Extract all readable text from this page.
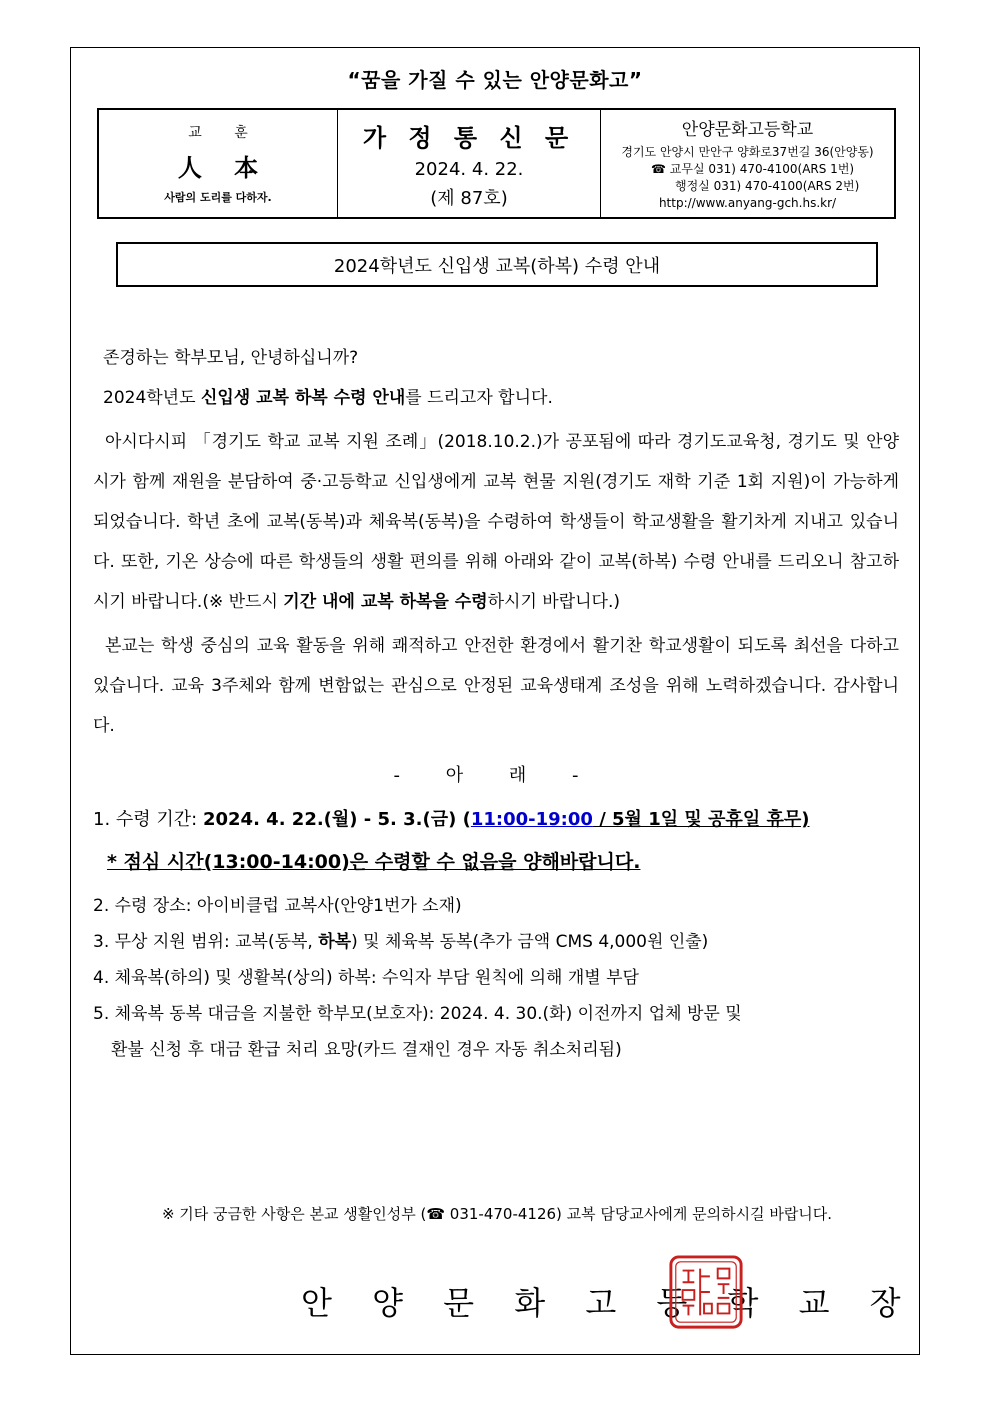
“꿈을 가질 수 있는 안양문화고”
교 훈
人 本
사람의 도리를 다하자.
가 정 통 신 문
2024. 4. 22.
(제 87호)
안양문화고등학교
경기도 안양시 만안구 양화로37번길 36(안양동)
☎ 교무실 031) 470-4100(ARS 1번)
행정실 031) 470-4100(ARS 2번)
http://www.anyang-gch.hs.kr/
2024학년도 신입생 교복(하복) 수령 안내

존경하는 학부모님, 안녕하십니까?

2024학년도 신입생 교복 하복 수령 안내를 드리고자 합니다.

아시다시피 「경기도 학교 교복 지원 조례」(2018.10.2.)가 공포됨에 따라 경기도교육청, 경기도 및 안양시가 함께 재원을 분담하여 중·고등학교 신입생에게 교복 현물 지원(경기도 재학 기준 1회 지원)이 가능하게 되었습니다. 학년 초에 교복(동복)과 체육복(동복)을 수령하여 학생들이 학교생활을 활기차게 지내고 있습니다. 또한, 기온 상승에 따른 학생들의 생활 편의를 위해 아래와 같이 교복(하복) 수령 안내를 드리오니 참고하시기 바랍니다.(※ 반드시 기간 내에 교복 하복을 수령하시기 바랍니다.)

본교는 학생 중심의 교육 활동을 위해 쾌적하고 안전한 환경에서 활기찬 학교생활이 되도록 최선을 다하고 있습니다. 교육 3주체와 함께 변함없는 관심으로 안정된 교육생태계 조성을 위해 노력하겠습니다. 감사합니다.

- 아 래 -

1. 수령 기간: 2024. 4. 22.(월) - 5. 3.(금) (11:00-19:00 / 5월 1일 및 공휴일 휴무)

* 점심 시간(13:00-14:00)은 수령할 수 없음을 양해바랍니다.

2. 수령 장소: 아이비클럽 교복사(안양1번가 소재)

3. 무상 지원 범위: 교복(동복, 하복) 및 체육복 동복(추가 금액 CMS 4,000원 인출)

4. 체육복(하의) 및 생활복(상의) 하복: 수익자 부담 원칙에 의해 개별 부담

5. 체육복 동복 대금을 지불한 학부모(보호자): 2024. 4. 30.(화) 이전까지 업체 방문 및

환불 신청 후 대금 환급 처리 요망(카드 결재인 경우 자동 취소처리됨)

※ 기타 궁금한 사항은 본교 생활인성부 (☎ 031-470-4126) 교복 담당교사에게 문의하시길 바랍니다.
안 양 문 화 고 등 학 교 장
